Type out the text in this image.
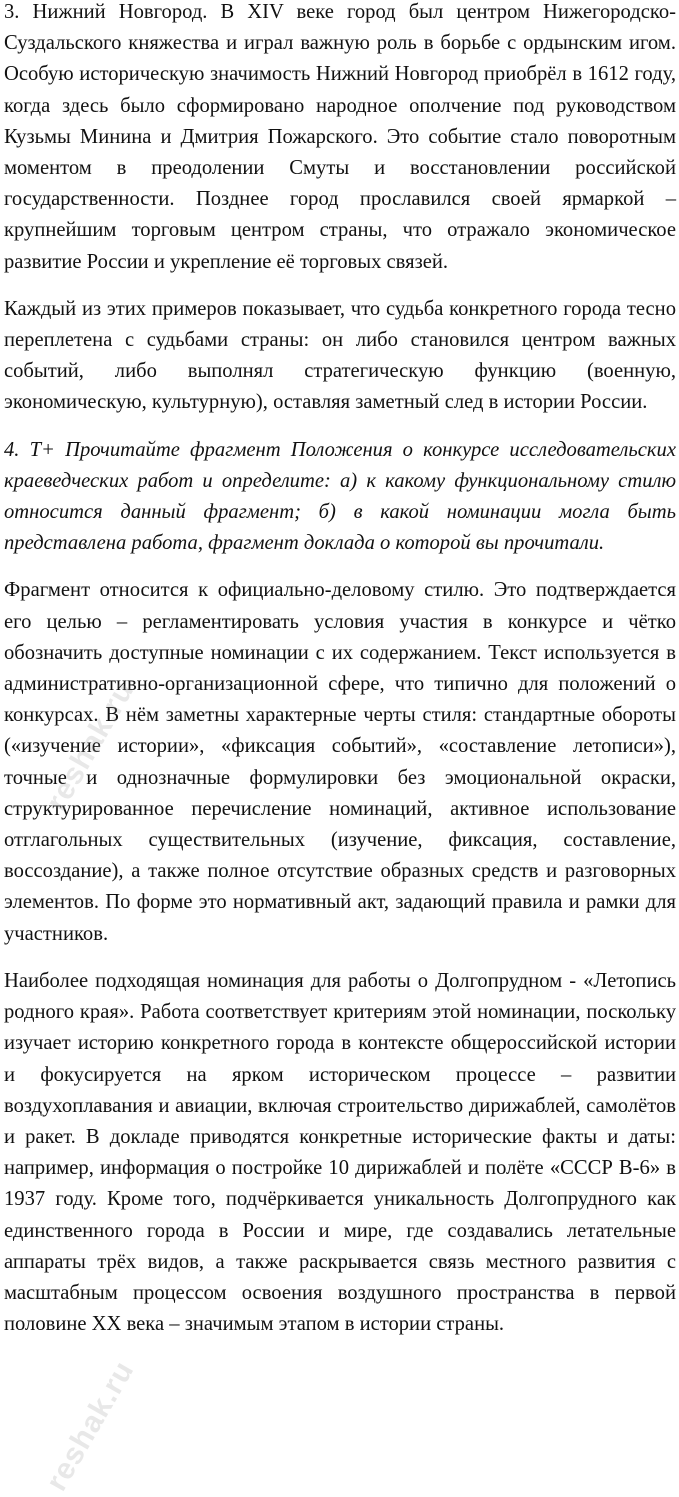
3. Нижний Новгород. В XIV веке город был центром Нижегородско-Суздальского княжества и играл важную роль в борьбе с ордынским игом. Особую историческую значимость Нижний Новгород приобрёл в 1612 году, когда здесь было сформировано народное ополчение под руководством Кузьмы Минина и Дмитрия Пожарского. Это событие стало поворотным моментом в преодолении Смуты и восстановлении российской государственности. Позднее город прославился своей ярмаркой – крупнейшим торговым центром страны, что отражало экономическое развитие России и укрепление её торговых связей.

Каждый из этих примеров показывает, что судьба конкретного города тесно переплетена с судьбами страны: он либо становился центром важных событий, либо выполнял стратегическую функцию (военную, экономическую, культурную), оставляя заметный след в истории России.

4. Т+ Прочитайте фрагмент Положения о конкурсе исследовательских краеведческих работ и определите: а) к какому функциональному стилю относится данный фрагмент; б) в какой номинации могла быть представлена работа, фрагмент доклада о которой вы прочитали.

Фрагмент относится к официально-деловому стилю. Это подтверждается его целью – регламентировать условия участия в конкурсе и чётко обозначить доступные номинации с их содержанием. Текст используется в административно-организационной сфере, что типично для положений о конкурсах. В нём заметны характерные черты стиля: стандартные обороты («изучение истории», «фиксация событий», «составление летописи»), точные и однозначные формулировки без эмоциональной окраски, структурированное перечисление номинаций, активное использование отглагольных существительных (изучение, фиксация, составление, воссоздание), а также полное отсутствие образных средств и разговорных элементов. По форме это нормативный акт, задающий правила и рамки для участников.

Наиболее подходящая номинация для работы о Долгопрудном - «Летопись родного края». Работа соответствует критериям этой номинации, поскольку изучает историю конкретного города в контексте общероссийской истории и фокусируется на ярком историческом процессе – развитии воздухоплавания и авиации, включая строительство дирижаблей, самолётов и ракет. В докладе приводятся конкретные исторические факты и даты: например, информация о постройке 10 дирижаблей и полёте «СССР В-6» в 1937 году. Кроме того, подчёркивается уникальность Долгопрудного как единственного города в России и мире, где создавались летательные аппараты трёх видов, а также раскрывается связь местного развития с масштабным процессом освоения воздушного пространства в первой половине XX века – значимым этапом в истории страны.

reshak.ru
reshak.ru
